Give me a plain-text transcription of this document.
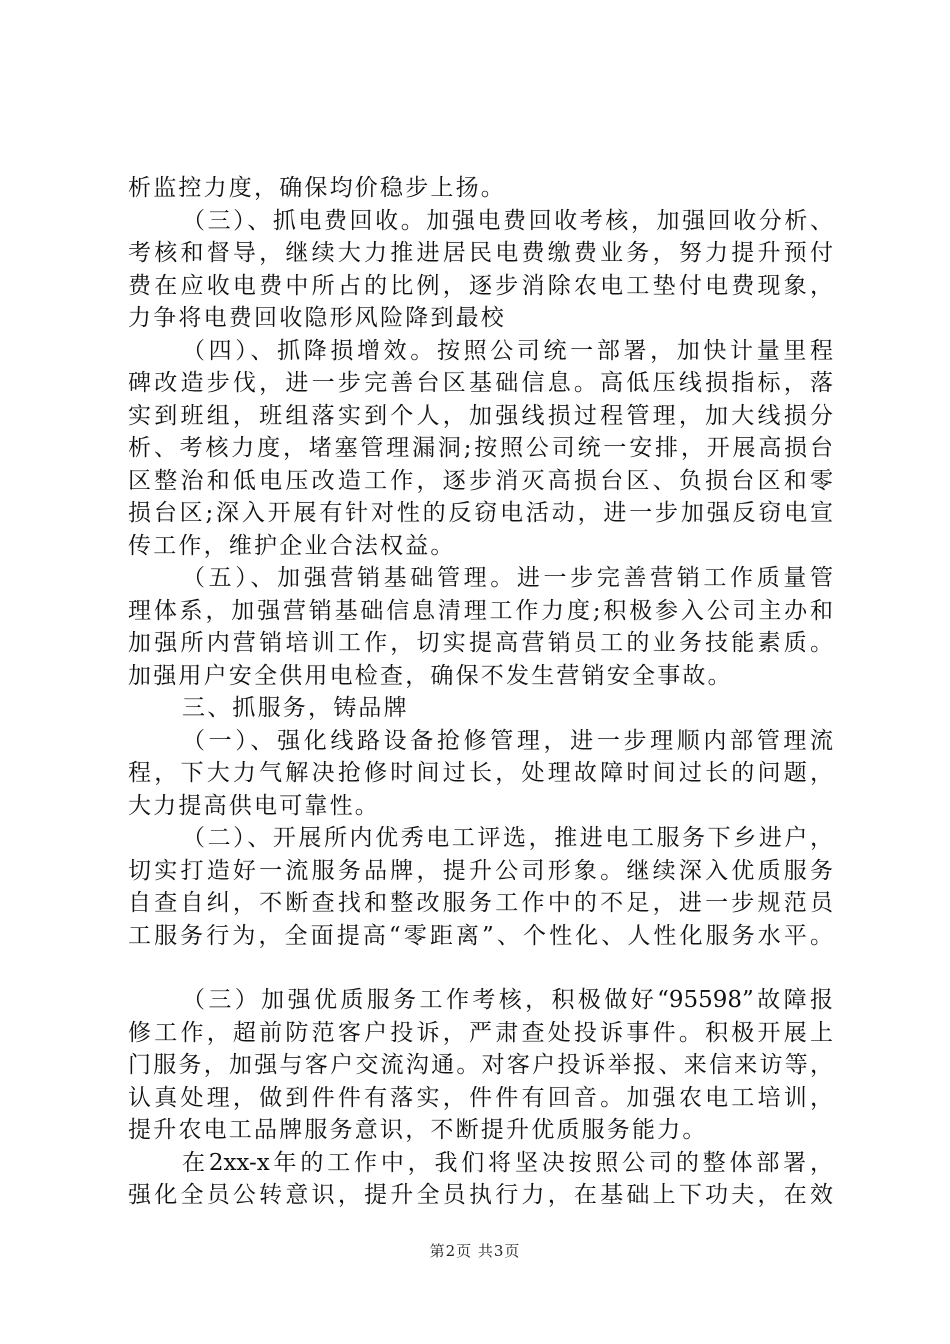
析监控力度，确保均价稳步上扬。
（三）、抓电费回收。加强电费回收考核，加强回收分析、
考核和督导，继续大力推进居民电费缴费业务，努力提升预付
费在应收电费中所占的比例，逐步消除农电工垫付电费现象，
力争将电费回收隐形风险降到最校
（四）、抓降损增效。按照公司统一部署，加快计量里程
碑改造步伐，进一步完善台区基础信息。高低压线损指标，落
实到班组，班组落实到个人，加强线损过程管理，加大线损分
析、考核力度，堵塞管理漏洞;按照公司统一安排，开展高损台
区整治和低电压改造工作，逐步消灭高损台区、负损台区和零
损台区;深入开展有针对性的反窃电活动，进一步加强反窃电宣
传工作，维护企业合法权益。
（五）、加强营销基础管理。进一步完善营销工作质量管
理体系，加强营销基础信息清理工作力度;积极参入公司主办和
加强所内营销培训工作，切实提高营销员工的业务技能素质。
加强用户安全供用电检查，确保不发生营销安全事故。
三、抓服务，铸品牌
（一）、强化线路设备抢修管理，进一步理顺内部管理流
程，下大力气解决抢修时间过长，处理故障时间过长的问题，
大力提高供电可靠性。
（二）、开展所内优秀电工评选，推进电工服务下乡进户，
切实打造好一流服务品牌，提升公司形象。继续深入优质服务
自查自纠，不断查找和整改服务工作中的不足，进一步规范员
工服务行为，全面提高“零距离”、个性化、人性化服务水平。
（三）加强优质服务工作考核，积极做好“95598”故障报
修工作，超前防范客户投诉，严肃查处投诉事件。积极开展上
门服务，加强与客户交流沟通。对客户投诉举报、来信来访等，
认真处理，做到件件有落实，件件有回音。加强农电工培训，
提升农电工品牌服务意识，不断提升优质服务能力。
在2xx-x年的工作中，我们将坚决按照公司的整体部署，
强化全员公转意识，提升全员执行力，在基础上下功夫，在效
第2页 共3页
